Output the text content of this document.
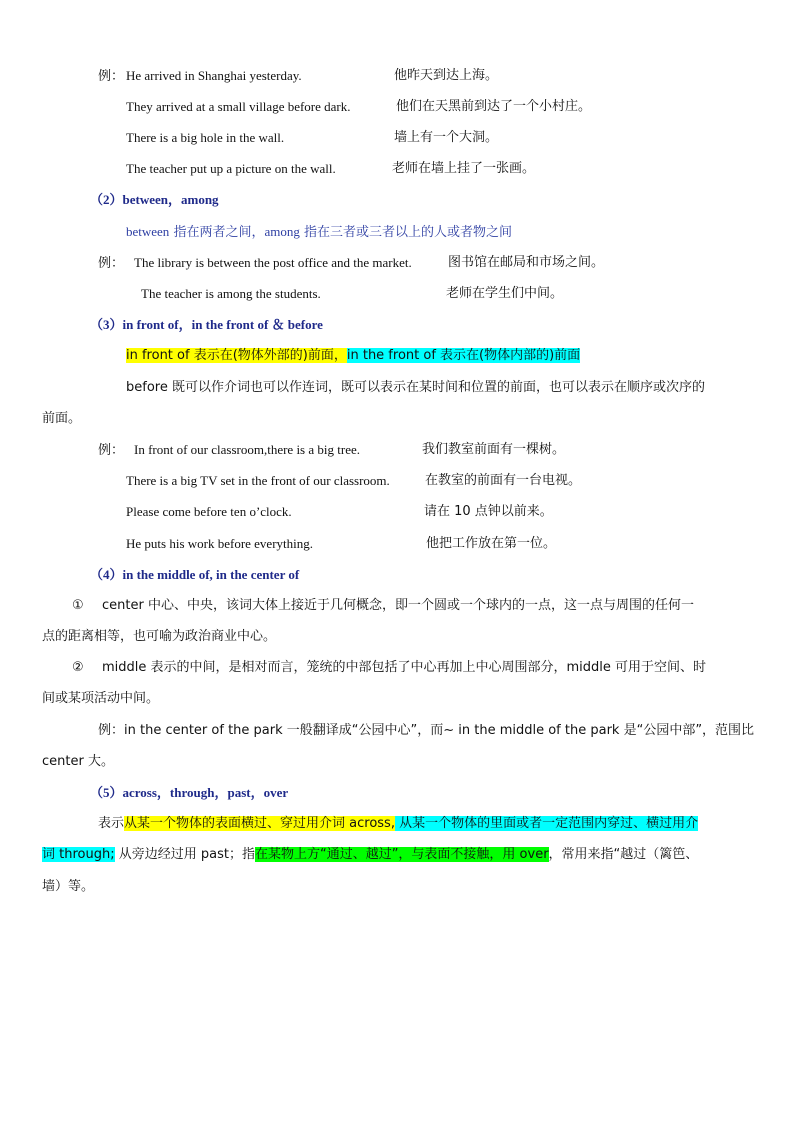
例： He arrived in Shanghai yesterday.	他昨天到达上海。
They arrived at a small village before dark.	他们在天黑前到达了一个小村庄。
There is a big hole in the wall.	墙上有一个大洞。
The teacher put up a picture on the wall.	老师在墙上挂了一张画。
（2）between，among
between 指在两者之间，among 指在三者或三者以上的人或者物之间
例： The library is between the post office and the market.	图书馆在邮局和市场之间。
The teacher is among the students.	老师在学生们中间。
（3）in front of，in the front of ＆ before
in front of 表示在(物体外部的)前面，in the front of 表示在(物体内部的)前面
before 既可以作介词也可以作连词，既可以表示在某时间和位置的前面，也可以表示在顺序或次序的
前面。
例： In front of our classroom,there is a big tree.	我们教室前面有一棵树。
There is a big TV set in the front of our classroom.	在教室的前面有一台电视。
Please come before ten o’clock.	请在 10 点钟以前来。
He puts his work before everything.	他把工作放在第一位。
（4）in the middle of, in the center of
① center 中心、中央，该词大体上接近于几何概念，即一个圆或一个球内的一点，这一点与周围的任何一
点的距离相等，也可喻为政治商业中心。
② middle 表示的中间，是相对而言，笼统的中部包括了中心再加上中心周围部分，middle 可用于空间、时
间或某项活动中间。
例：in the center of the park 一般翻译成“公园中心”，而~ in the middle of the park 是“公园中部”，范围比
center 大。
（5）across，through，past，over
表示从某一个物体的表面横过、穿过用介词 across, 从某一个物体的里面或者一定范围内穿过、横过用介
词 through; 从旁边经过用 past；指在某物上方“通过、越过”，与表面不接触，用 over，常用来指“越过（篱笆、
墙）等。
